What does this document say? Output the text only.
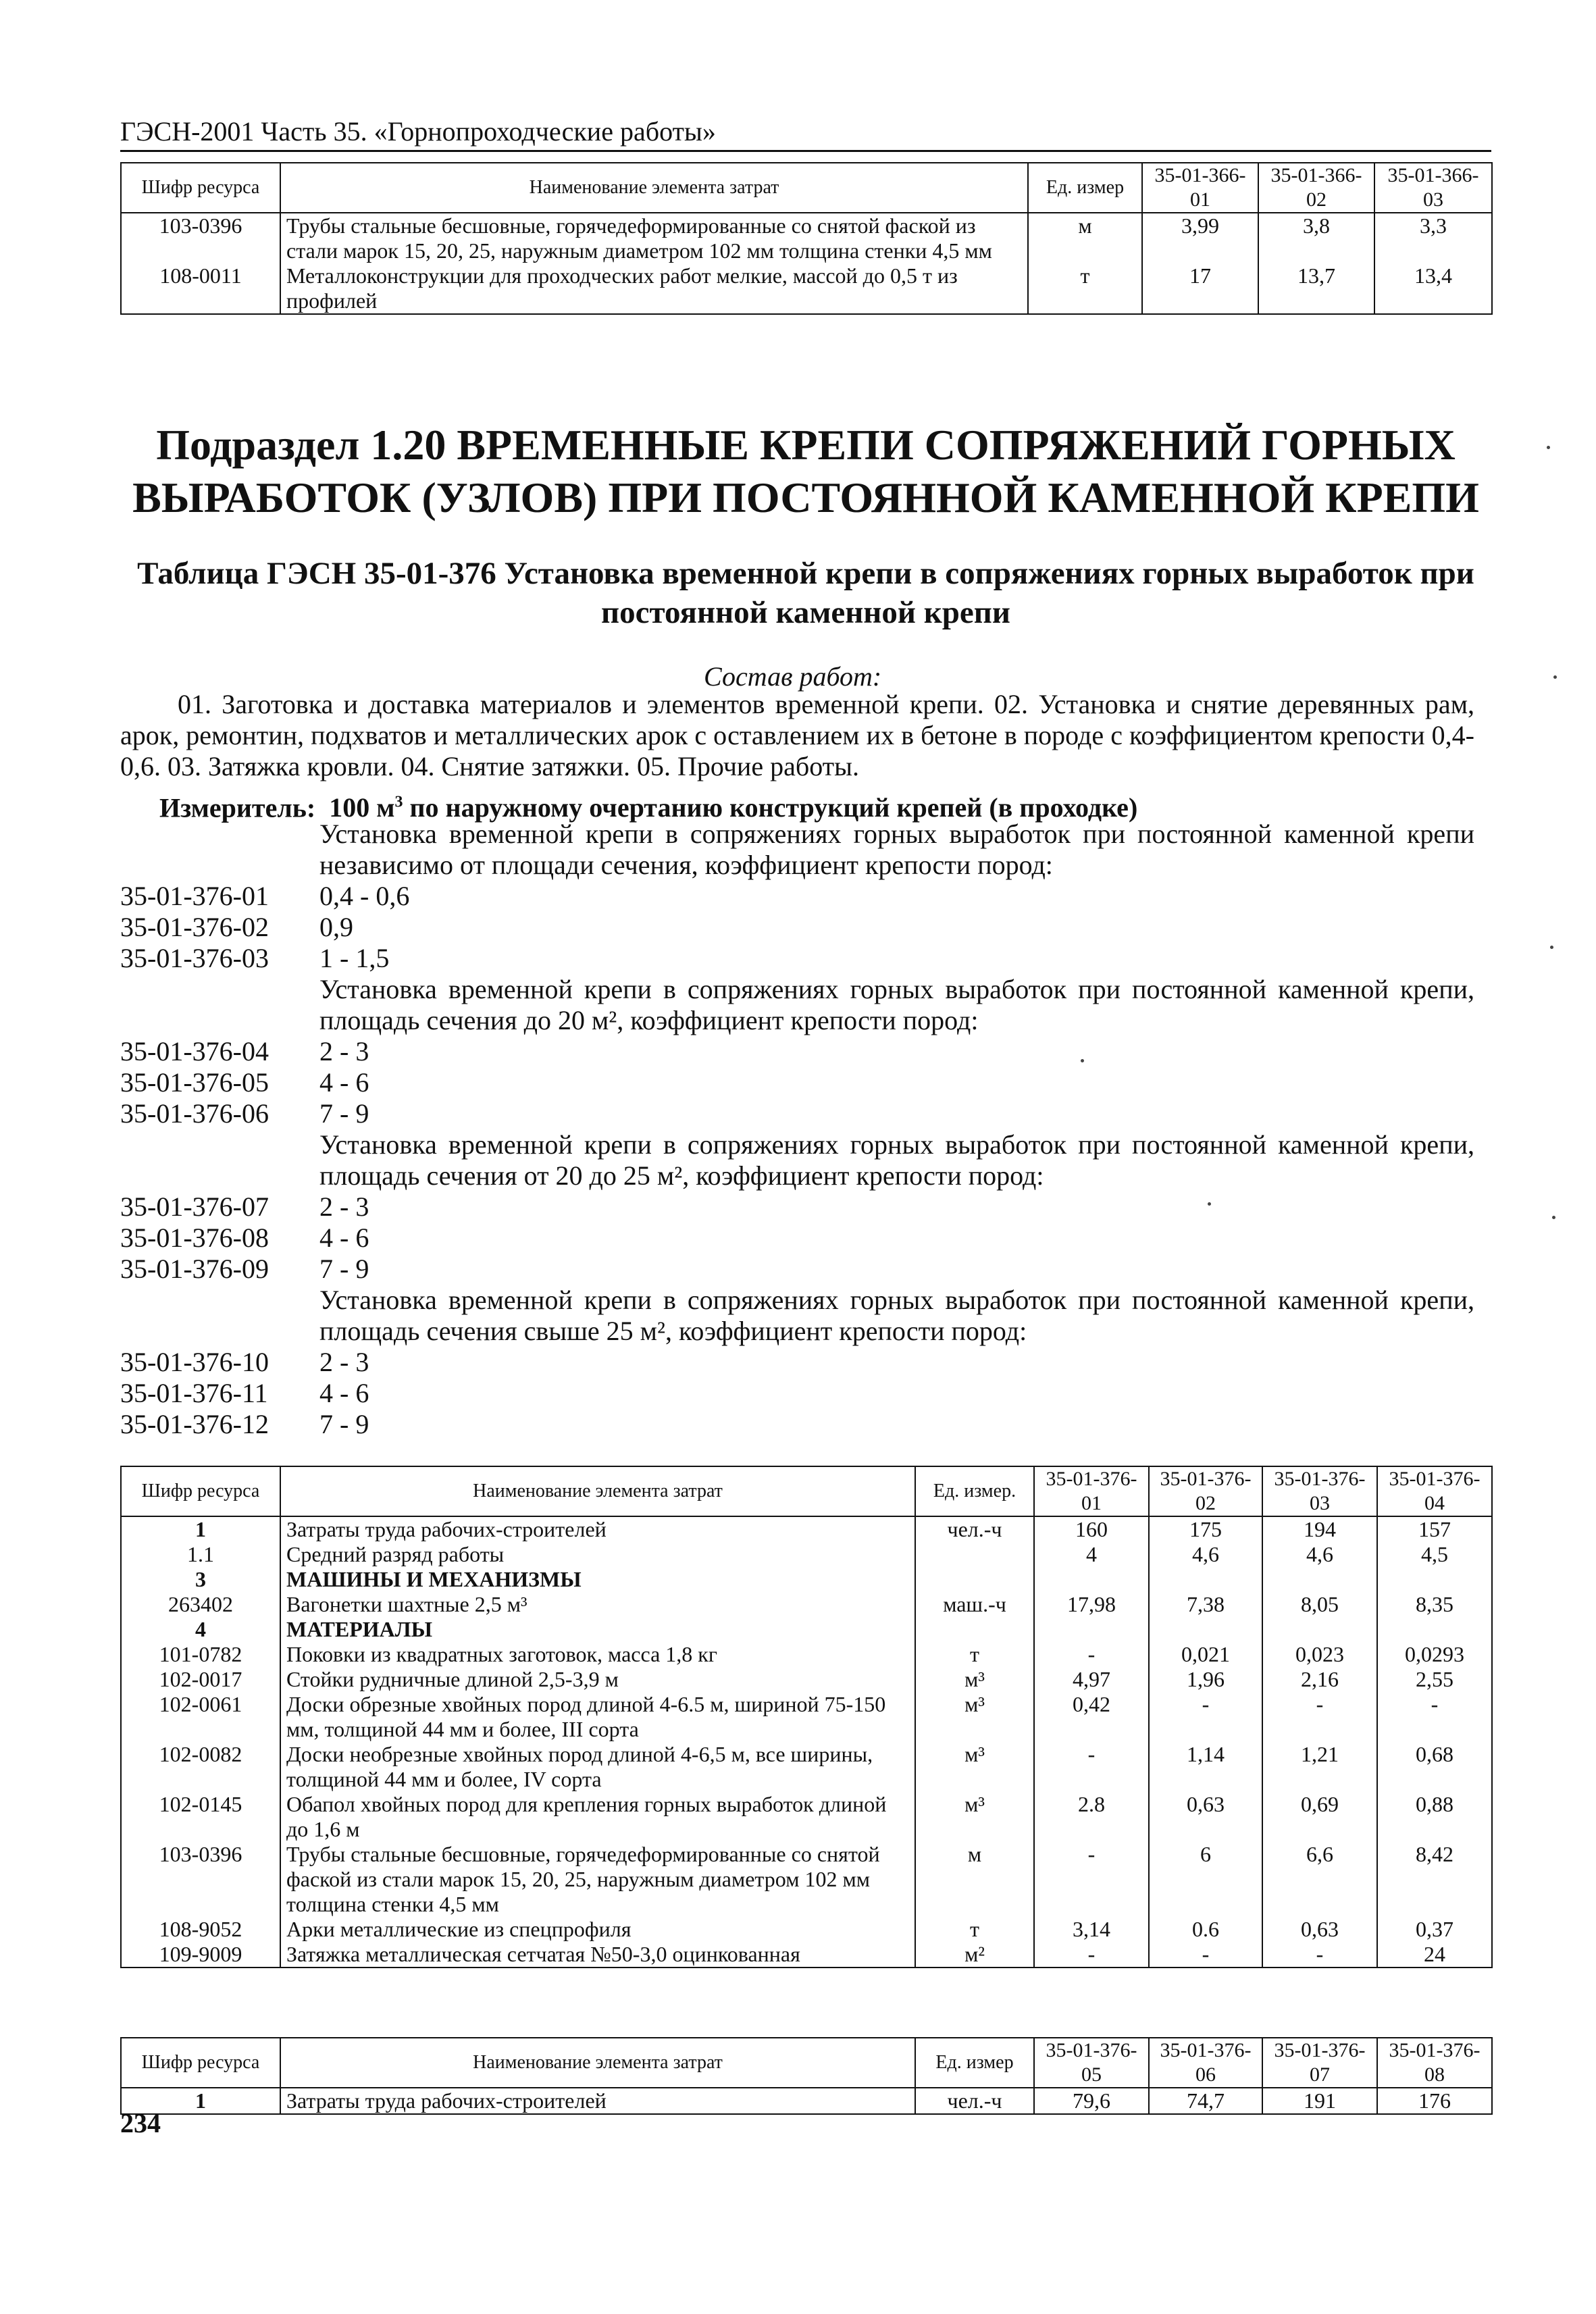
ГЭСН-2001 Часть 35. «Горнопроходческие работы»
Шифр ресурса	Наименование элемента затрат	Ед. измер	35-01-366-01	35-01-366-02	35-01-366-03
103-0396	Трубы стальные бесшовные, горячедеформированные со снятой фаской из стали марок 15, 20, 25, наружным диаметром 102 мм толщина стенки 4,5 мм	м	3,99	3,8	3,3
108-0011	Металлоконструкции для проходческих работ мелкие, массой до 0,5 т из профилей	т	17	13,7	13,4
Подраздел 1.20 ВРЕМЕННЫЕ КРЕПИ СОПРЯЖЕНИЙ ГОРНЫХ ВЫРАБОТОК (УЗЛОВ) ПРИ ПОСТОЯННОЙ КАМЕННОЙ КРЕПИ
Таблица ГЭСН 35-01-376 Установка временной крепи в сопряжениях горных выработок при постоянной каменной крепи
Состав работ:
01. Заготовка и доставка материалов и элементов временной крепи. 02. Установка и снятие деревянных рам, арок, ремонтин, подхватов и металлических арок с оставлением их в бетоне в породе с коэффициентом крепости 0,4-0,6. 03. Затяжка кровли. 04. Снятие затяжки. 05. Прочие работы.
Измеритель: 100 $м^3$ по наружному очертанию конструкций крепей (в проходке)
Установка временной крепи в сопряжениях горных выработок при постоянной каменной крепи независимо от площади сечения, коэффициент крепости пород:
35-01-376-01	0,4 - 0,6
35-01-376-02	0,9
35-01-376-03	1 - 1,5
Установка временной крепи в сопряжениях горных выработок при постоянной каменной крепи, площадь сечения до 20 м², коэффициент крепости пород:
35-01-376-04	2 - 3
35-01-376-05	4 - 6
35-01-376-06	7 - 9
Установка временной крепи в сопряжениях горных выработок при постоянной каменной крепи, площадь сечения от 20 до 25 м², коэффициент крепости пород:
35-01-376-07	2 - 3
35-01-376-08	4 - 6
35-01-376-09	7 - 9
Установка временной крепи в сопряжениях горных выработок при постоянной каменной крепи, площадь сечения свыше 25 м², коэффициент крепости пород:
35-01-376-10	2 - 3
35-01-376-11	4 - 6
35-01-376-12	7 - 9
Шифр ресурса	Наименование элемента затрат	Ед. измер.	35-01-376-01	35-01-376-02	35-01-376-03	35-01-376-04
1	Затраты труда рабочих-строителей	чел.-ч	160	175	194	157
1.1	Средний разряд работы		4	4,6	4,6	4,5
3	МАШИНЫ И МЕХАНИЗМЫ					
263402	Вагонетки шахтные 2,5 м³	маш.-ч	17,98	7,38	8,05	8,35
4	МАТЕРИАЛЫ					
101-0782	Поковки из квадратных заготовок, масса 1,8 кг	т	-	0,021	0,023	0,0293
102-0017	Стойки рудничные длиной 2,5-3,9 м	м³	4,97	1,96	2,16	2,55
102-0061	Доски обрезные хвойных пород длиной 4-6.5 м, шириной 75-150 мм, толщиной 44 мм и более, III сорта	м³	0,42	-	-	-
102-0082	Доски необрезные хвойных пород длиной 4-6,5 м, все ширины, толщиной 44 мм и более, IV сорта	м³	-	1,14	1,21	0,68
102-0145	Обапол хвойных пород для крепления горных выработок длиной до 1,6 м	м³	2.8	0,63	0,69	0,88
103-0396	Трубы стальные бесшовные, горячедеформированные со снятой фаской из стали марок 15, 20, 25, наружным диаметром 102 мм толщина стенки 4,5 мм	м	-	6	6,6	8,42
108-9052	Арки металлические из спецпрофиля	т	3,14	0.6	0,63	0,37
109-9009	Затяжка металлическая сетчатая №50-3,0 оцинкованная	м²	-	-	-	24
Шифр ресурса	Наименование элемента затрат	Ед. измер	35-01-376-05	35-01-376-06	35-01-376-07	35-01-376-08
1	Затраты труда рабочих-строителей	чел.-ч	79,6	74,7	191	176
234
